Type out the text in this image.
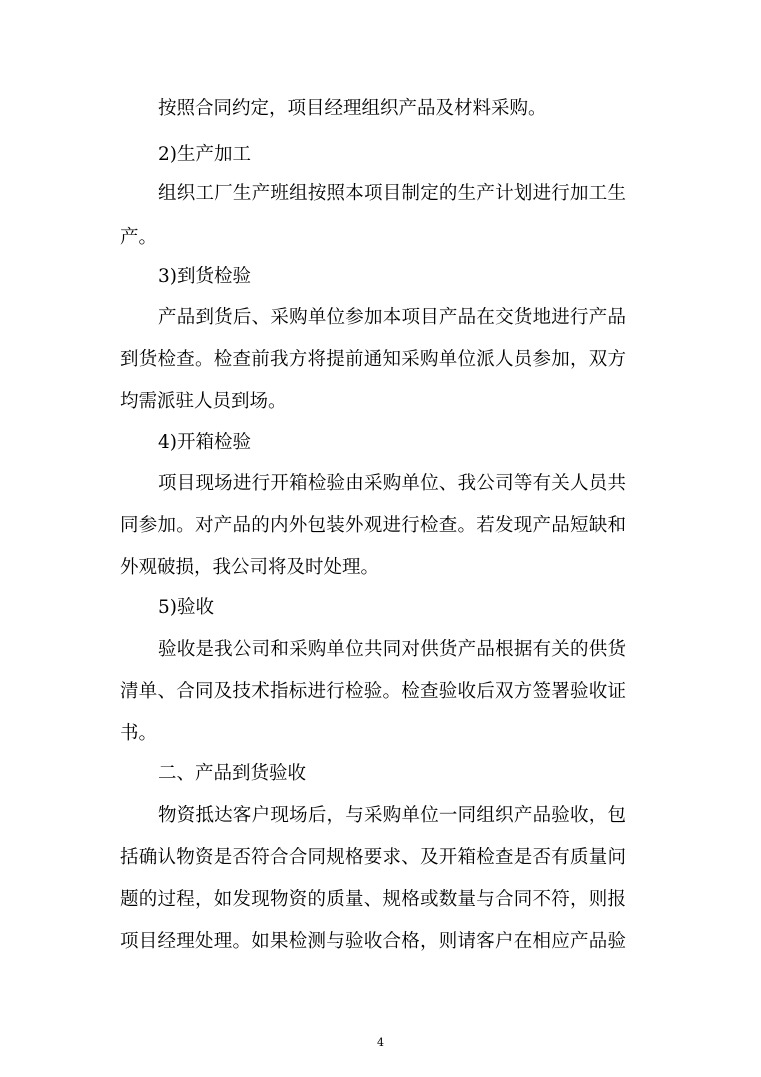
按照合同约定，项目经理组织产品及材料采购。

2)生产加工

组织工厂生产班组按照本项目制定的生产计划进行加工生

产。

3)到货检验

产品到货后、采购单位参加本项目产品在交货地进行产品

到货检查。检查前我方将提前通知采购单位派人员参加，双方

均需派驻人员到场。

4)开箱检验

项目现场进行开箱检验由采购单位、我公司等有关人员共

同参加。对产品的内外包装外观进行检查。若发现产品短缺和

外观破损，我公司将及时处理。

5)验收

验收是我公司和采购单位共同对供货产品根据有关的供货

清单、合同及技术指标进行检验。检查验收后双方签署验收证

书。

二、产品到货验收

物资抵达客户现场后，与采购单位一同组织产品验收，包

括确认物资是否符合合同规格要求、及开箱检查是否有质量问

题的过程，如发现物资的质量、规格或数量与合同不符，则报

项目经理处理。如果检测与验收合格，则请客户在相应产品验

4
